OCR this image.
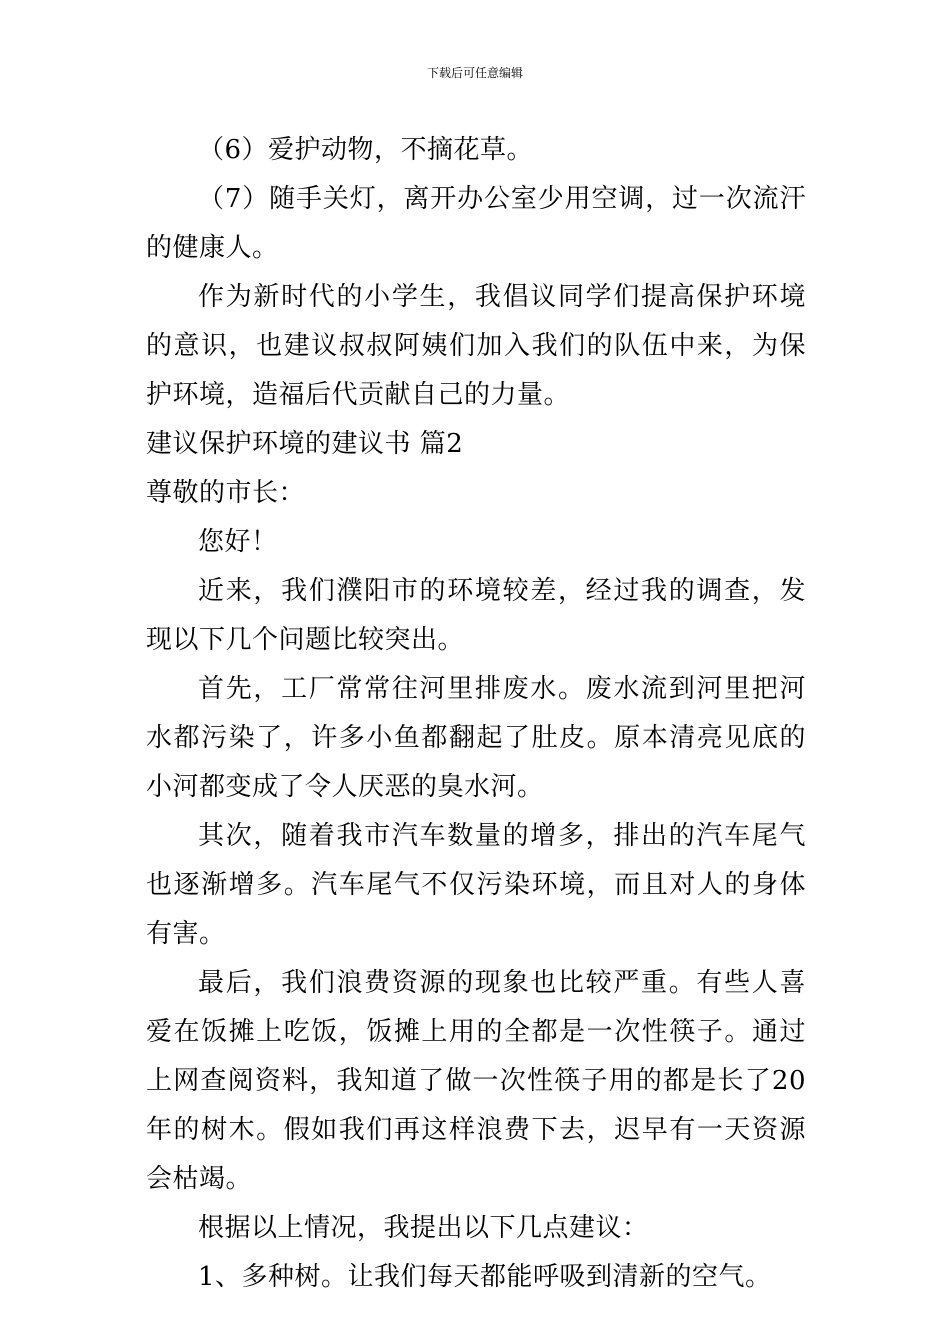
下载后可任意编辑

（6）爱护动物，不摘花草。

（7）随手关灯，离开办公室少用空调，过一次流汗的健康人。

作为新时代的小学生，我倡议同学们提高保护环境的意识，也建议叔叔阿姨们加入我们的队伍中来，为保护环境，造福后代贡献自己的力量。

建议保护环境的建议书 篇2

尊敬的市长：

您好！

近来，我们濮阳市的环境较差，经过我的调查，发现以下几个问题比较突出。

首先，工厂常常往河里排废水。废水流到河里把河水都污染了，许多小鱼都翻起了肚皮。原本清亮见底的小河都变成了令人厌恶的臭水河。

其次，随着我市汽车数量的增多，排出的汽车尾气也逐渐增多。汽车尾气不仅污染环境，而且对人的身体有害。

最后，我们浪费资源的现象也比较严重。有些人喜爱在饭摊上吃饭，饭摊上用的全都是一次性筷子。通过上网查阅资料，我知道了做一次性筷子用的都是长了20年的树木。假如我们再这样浪费下去，迟早有一天资源会枯竭。

根据以上情况，我提出以下几点建议：

1、多种树。让我们每天都能呼吸到清新的空气。
